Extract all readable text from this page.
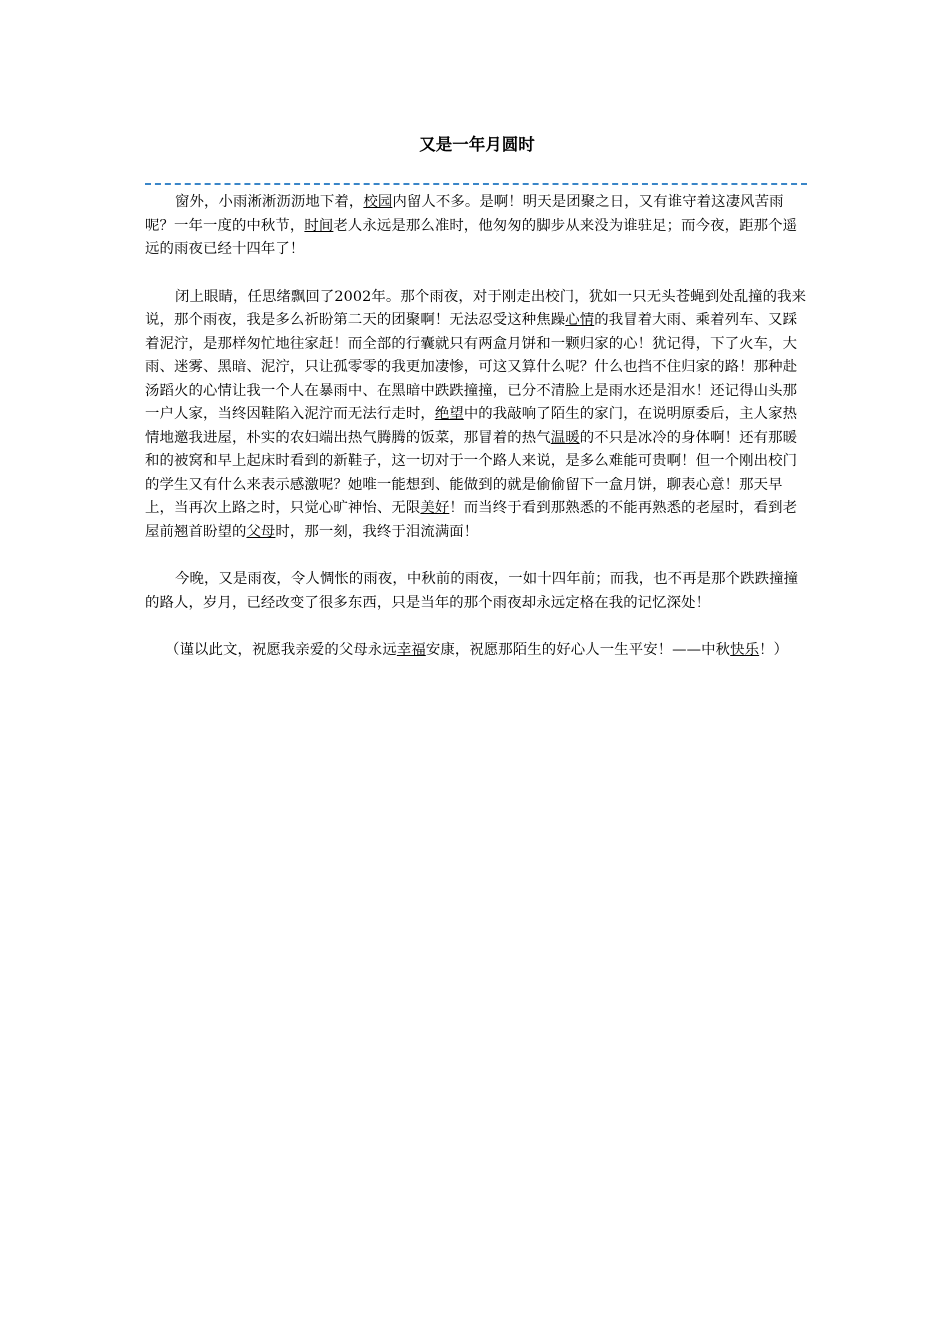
又是一年月圆时

窗外，小雨淅淅沥沥地下着，校园内留人不多。是啊！明天是团聚之日，又有谁守着这凄风苦雨呢？一年一度的中秋节，时间老人永远是那么准时，他匆匆的脚步从来没为谁驻足；而今夜，距那个遥远的雨夜已经十四年了！

闭上眼睛，任思绪飘回了2002年。那个雨夜，对于刚走出校门，犹如一只无头苍蝇到处乱撞的我来说，那个雨夜，我是多么祈盼第二天的团聚啊！无法忍受这种焦躁心情的我冒着大雨、乘着列车、又踩着泥泞，是那样匆忙地往家赶！而全部的行囊就只有两盒月饼和一颗归家的心！犹记得，下了火车，大雨、迷雾、黑暗、泥泞，只让孤零零的我更加凄惨，可这又算什么呢？什么也挡不住归家的路！那种赴汤蹈火的心情让我一个人在暴雨中、在黑暗中跌跌撞撞，已分不清脸上是雨水还是泪水！还记得山头那一户人家，当终因鞋陷入泥泞而无法行走时，绝望中的我敲响了陌生的家门，在说明原委后，主人家热情地邀我进屋，朴实的农妇端出热气腾腾的饭菜，那冒着的热气温暖的不只是冰冷的身体啊！还有那暖和的被窝和早上起床时看到的新鞋子，这一切对于一个路人来说，是多么难能可贵啊！但一个刚出校门的学生又有什么来表示感激呢？她唯一能想到、能做到的就是偷偷留下一盒月饼，聊表心意！那天早上，当再次上路之时，只觉心旷神怡、无限美好！而当终于看到那熟悉的不能再熟悉的老屋时，看到老屋前翘首盼望的父母时，那一刻，我终于泪流满面！

今晚，又是雨夜，令人惆怅的雨夜，中秋前的雨夜，一如十四年前；而我，也不再是那个跌跌撞撞的路人，岁月，已经改变了很多东西，只是当年的那个雨夜却永远定格在我的记忆深处！

（谨以此文，祝愿我亲爱的父母永远幸福安康，祝愿那陌生的好心人一生平安！——中秋快乐！）
